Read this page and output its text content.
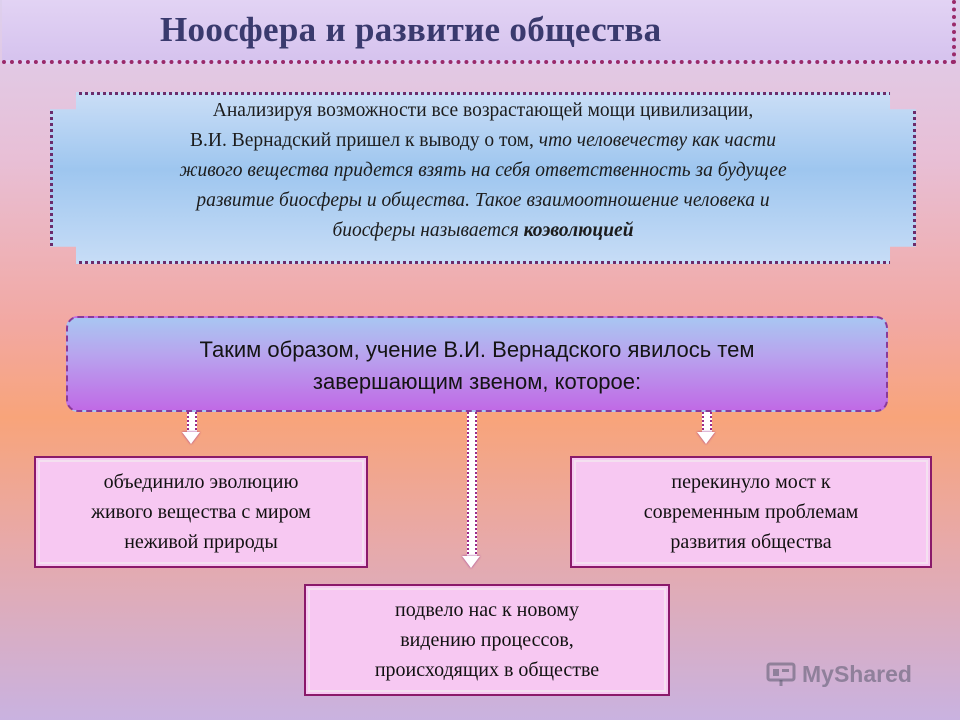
Ноосфера и развитие общества
Анализируя возможности все возрастающей мощи цивилизации,
В.И. Вернадский пришел к выводу о том, что человечеству как части
живого вещества придется взять на себя ответственность за будущее
развитие биосферы и общества. Такое взаимоотношение человека и
биосферы называется коэволюцией
Таким образом, учение В.И. Вернадского явилось тем
завершающим звеном, которое:
объединило эволюцию
живого вещества с миром
неживой природы
перекинуло мост к
современным проблемам
развития общества
подвело нас к новому
видению процессов,
происходящих в обществе	MyShared
